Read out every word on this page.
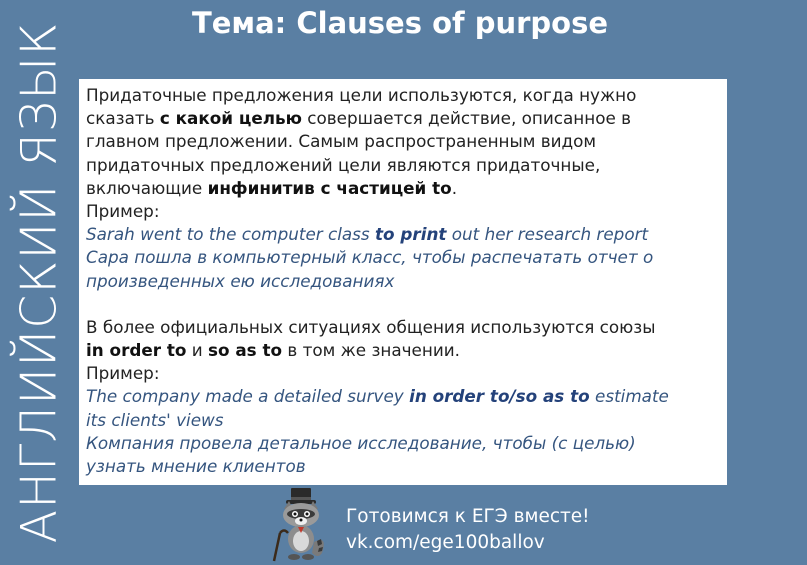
АНГЛИЙСКИЙ ЯЗЫК	Тема: Clauses of purpose

Придаточные предложения цели используются, когда нужно
сказать с какой целью совершается действие, описанное в
главном предложении. Самым распространенным видом
придаточных предложений цели являются придаточные,
включающие инфинитив с частицей to.

Пример:

Sarah went to the computer class to print out her research report

Сара пошла в компьютерный класс, чтобы распечатать отчет о
произведенных ею исследованиях

В более официальных ситуациях общения используются союзы
in order to и so as to в том же значении.

Пример:

The company made a detailed survey in order to/so as to estimate
its clients' views

Компания провела детальное исследование, чтобы (с целью)
узнать мнение клиентов

Готовимся к ЕГЭ вместе!
vk.com/ege100ballov
